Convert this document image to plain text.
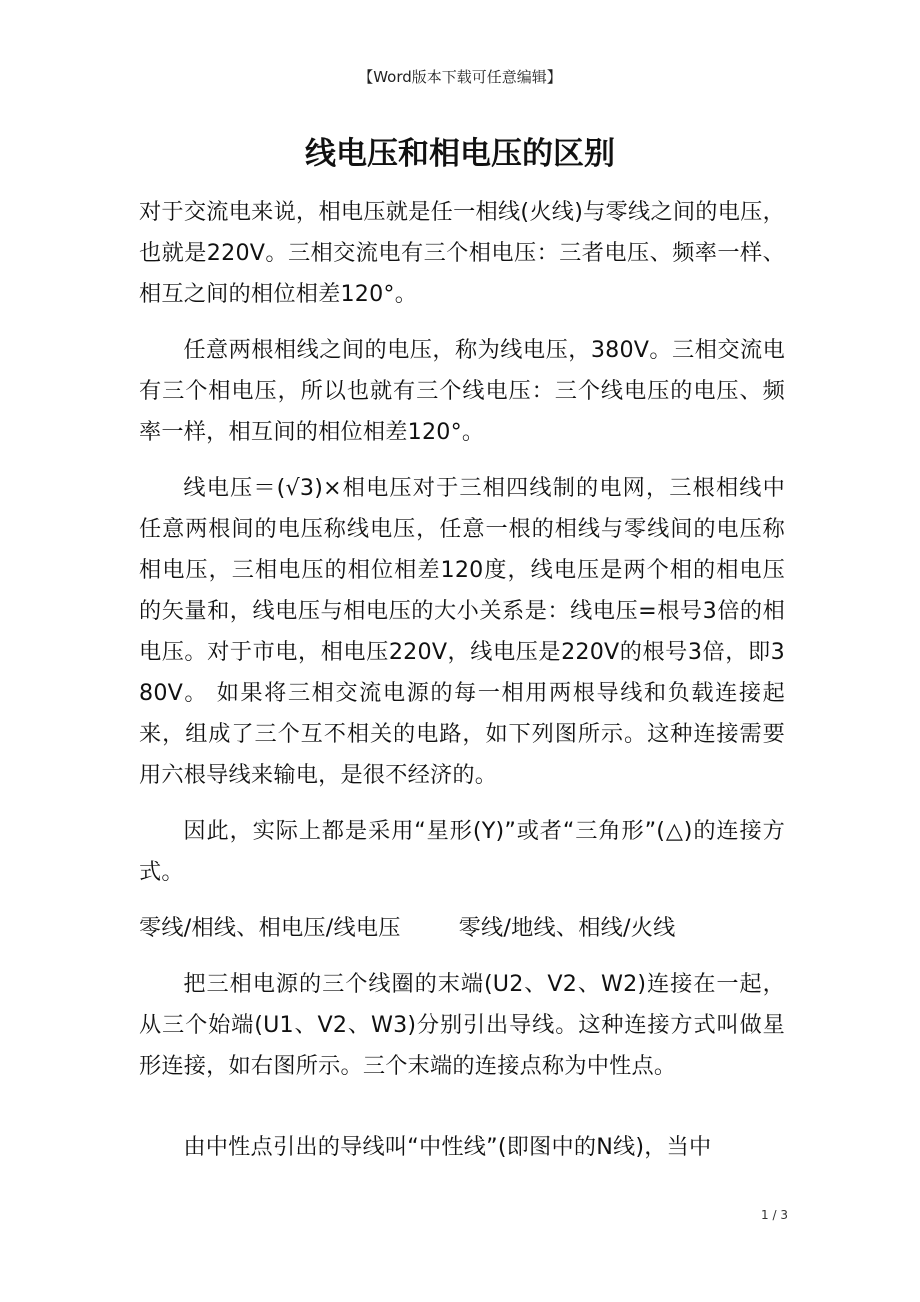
【Word版本下载可任意编辑】
线电压和相电压的区别

对于交流电来说，相电压就是任一相线(火线)与零线之间的电压，也就是220V。三相交流电有三个相电压：三者电压、频率一样、相互之间的相位相差120°。

任意两根相线之间的电压，称为线电压，380V。三相交流电有三个相电压，所以也就有三个线电压：三个线电压的电压、频率一样，相互间的相位相差120°。

线电压＝(√3)×相电压对于三相四线制的电网，三根相线中任意两根间的电压称线电压，任意一根的相线与零线间的电压称相电压，三相电压的相位相差120度，线电压是两个相的相电压的矢量和，线电压与相电压的大小关系是：线电压=根号3倍的相电压。对于市电，相电压220V，线电压是220V的根号3倍，即380V。 如果将三相交流电源的每一相用两根导线和负载连接起来，组成了三个互不相关的电路，如下列图所示。这种连接需要用六根导线来输电，是很不经济的。

因此，实际上都是采用“星形(Y)”或者“三角形”(△)的连接方式。

零线/相线、相电压/线电压        零线/地线、相线/火线

把三相电源的三个线圈的末端(U2、V2、W2)连接在一起，从三个始端(U1、V2、W3)分别引出导线。这种连接方式叫做星形连接，如右图所示。三个末端的连接点称为中性点。

由中性点引出的导线叫“中性线”(即图中的N线)，当中

1 / 3
